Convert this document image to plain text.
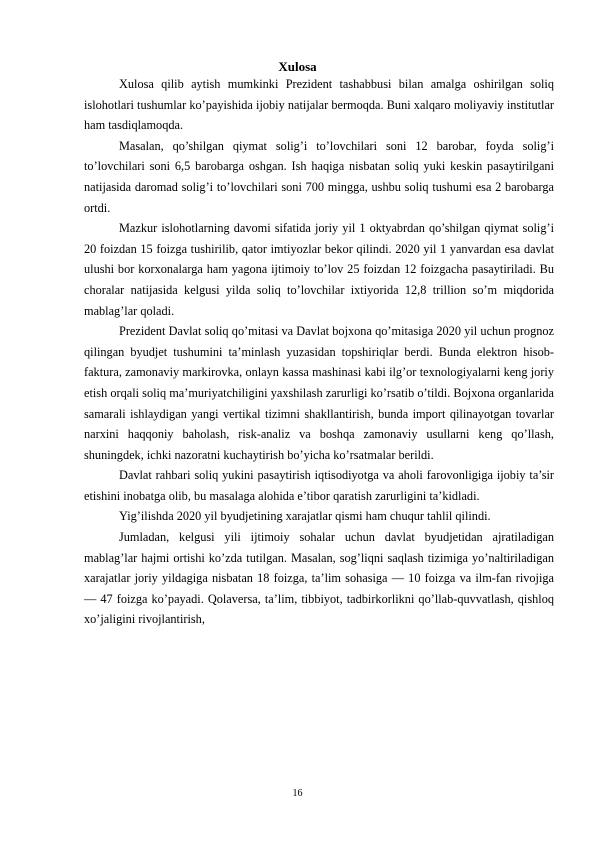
Xulosa

Xulosa qilib aytish mumkinki Prezident tashabbusi bilan amalga oshirilgan soliq islohotlari tushumlar ko’payishida ijobiy natijalar bermoqda. Buni xalqaro moliyaviy institutlar ham tasdiqlamoqda.

Masalan, qo’shilgan qiymat solig’i to’lovchilari soni 12 barobar, foyda solig’i to’lovchilari soni 6,5 barobarga oshgan. Ish haqiga nisbatan soliq yuki keskin pasaytirilgani natijasida daromad solig’i to’lovchilari soni 700 mingga, ushbu soliq tushumi esa 2 barobarga ortdi.

Mazkur islohotlarning davomi sifatida joriy yil 1 oktyabrdan qo’shilgan qiymat solig’i 20 foizdan 15 foizga tushirilib, qator imtiyozlar bekor qilindi. 2020 yil 1 yanvardan esa davlat ulushi bor korxonalarga ham yagona ijtimoiy to’lov 25 foizdan 12 foizgacha pasaytiriladi. Bu choralar natijasida kelgusi yilda soliq to’lovchilar ixtiyorida 12,8 trillion so’m miqdorida mablag’lar qoladi.

Prezident Davlat soliq qo’mitasi va Davlat bojxona qo’mitasiga 2020 yil uchun prognoz qilingan byudjet tushumini ta’minlash yuzasidan topshiriqlar berdi. Bunda elektron hisob-faktura, zamonaviy markirovka, onlayn kassa mashinasi kabi ilg’or texnologiyalarni keng joriy etish orqali soliq ma’muriyatchiligini yaxshilash zarurligi ko’rsatib o’tildi. Bojxona organlarida samarali ishlaydigan yangi vertikal tizimni shakllantirish, bunda import qilinayotgan tovarlar narxini haqqoniy baholash, risk-analiz va boshqa zamonaviy usullarni keng qo’llash, shuningdek, ichki nazoratni kuchaytirish bo’yicha ko’rsatmalar berildi.

Davlat rahbari soliq yukini pasaytirish iqtisodiyotga va aholi farovonligiga ijobiy ta’sir etishini inobatga olib, bu masalaga alohida e’tibor qaratish zarurligini ta’kidladi.

Yig’ilishda 2020 yil byudjetining xarajatlar qismi ham chuqur tahlil qilindi.

Jumladan, kelgusi yili ijtimoiy sohalar uchun davlat byudjetidan ajratiladigan mablag’lar hajmi ortishi ko’zda tutilgan. Masalan, sog’liqni saqlash tizimiga yo’naltiriladigan xarajatlar joriy yildagiga nisbatan 18 foizga, ta’lim sohasiga — 10 foizga va ilm-fan rivojiga — 47 foizga ko’payadi. Qolaversa, ta’lim, tibbiyot, tadbirkorlikni qo’llab-quvvatlash, qishloq xo’jaligini rivojlantirish,

16
